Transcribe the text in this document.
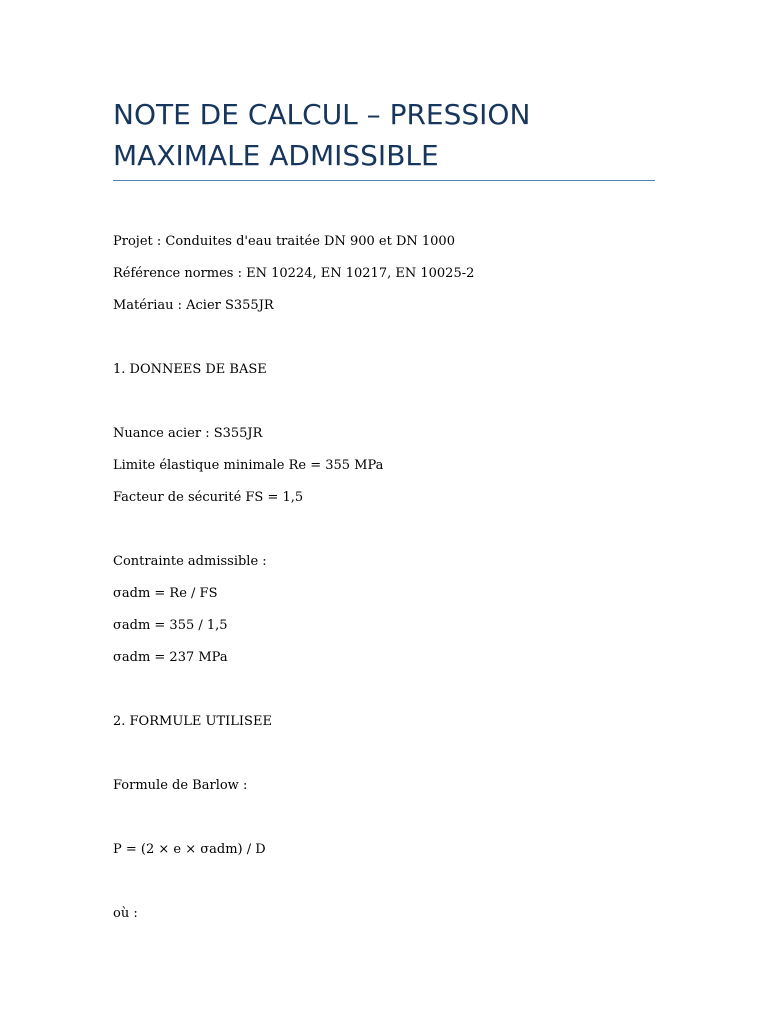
NOTE DE CALCUL – PRESSION
MAXIMALE ADMISSIBLE
Projet : Conduites d'eau traitée DN 900 et DN 1000
Référence normes : EN 10224, EN 10217, EN 10025-2
Matériau : Acier S355JR
1. DONNEES DE BASE
Nuance acier : S355JR
Limite élastique minimale Re = 355 MPa
Facteur de sécurité FS = 1,5
Contrainte admissible :
σadm = Re / FS
σadm = 355 / 1,5
σadm = 237 MPa
2. FORMULE UTILISEE
Formule de Barlow :
P = (2 × e × σadm) / D
où :
